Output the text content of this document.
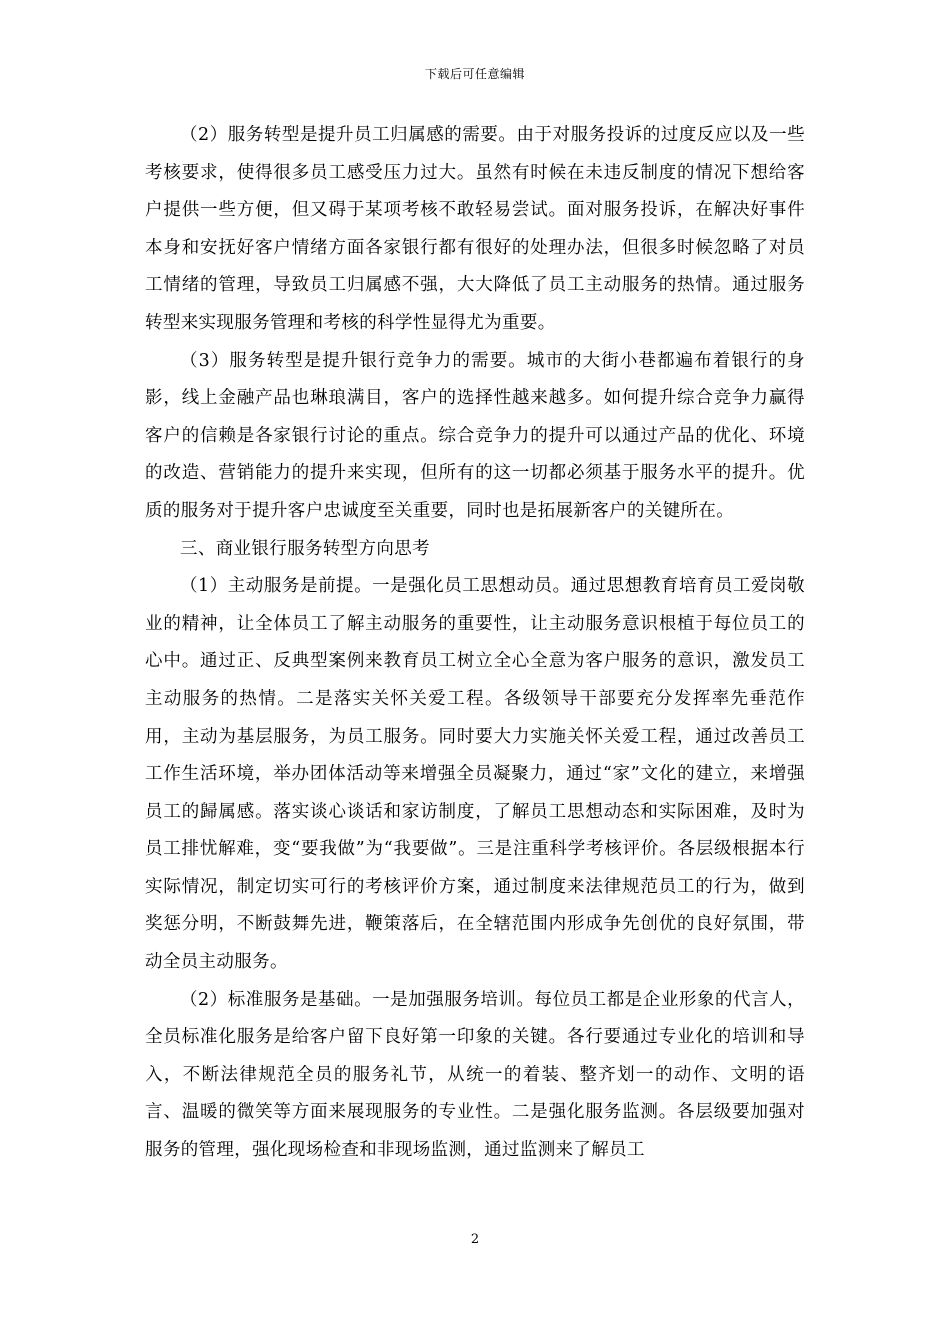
下载后可任意编辑

（2）服务转型是提升员工归属感的需要。由于对服务投诉的过度反应以及一些考核要求，使得很多员工感受压力过大。虽然有时候在未违反制度的情况下想给客户提供一些方便，但又碍于某项考核不敢轻易尝试。面对服务投诉，在解决好事件本身和安抚好客户情绪方面各家银行都有很好的处理办法，但很多时候忽略了对员工情绪的管理，导致员工归属感不强，大大降低了员工主动服务的热情。通过服务转型来实现服务管理和考核的科学性显得尤为重要。

（3）服务转型是提升银行竞争力的需要。城市的大街小巷都遍布着银行的身影，线上金融产品也琳琅满目，客户的选择性越来越多。如何提升综合竞争力赢得客户的信赖是各家银行讨论的重点。综合竞争力的提升可以通过产品的优化、环境的改造、营销能力的提升来实现，但所有的这一切都必须基于服务水平的提升。优质的服务对于提升客户忠诚度至关重要，同时也是拓展新客户的关键所在。

三、商业银行服务转型方向思考

（1）主动服务是前提。一是强化员工思想动员。通过思想教育培育员工爱岗敬业的精神，让全体员工了解主动服务的重要性，让主动服务意识根植于每位员工的心中。通过正、反典型案例来教育员工树立全心全意为客户服务的意识，激发员工主动服务的热情。二是落实关怀关爱工程。各级领导干部要充分发挥率先垂范作用，主动为基层服务，为员工服务。同时要大力实施关怀关爱工程，通过改善员工工作生活环境，举办团体活动等来增强全员凝聚力，通过“家”文化的建立，来增强员工的歸属感。落实谈心谈话和家访制度，了解员工思想动态和实际困难，及时为员工排忧解难，变“要我做”为“我要做”。三是注重科学考核评价。各层级根据本行实际情况，制定切实可行的考核评价方案，通过制度来法律规范员工的行为，做到奖惩分明，不断鼓舞先进，鞭策落后，在全辖范围内形成争先创优的良好氛围，带动全员主动服务。

（2）标准服务是基础。一是加强服务培训。每位员工都是企业形象的代言人，全员标准化服务是给客户留下良好第一印象的关键。各行要通过专业化的培训和导入，不断法律规范全员的服务礼节，从统一的着装、整齐划一的动作、文明的语言、温暖的微笑等方面来展现服务的专业性。二是强化服务监测。各层级要加强对服务的管理，强化现场检查和非现场监测，通过监测来了解员工

2
